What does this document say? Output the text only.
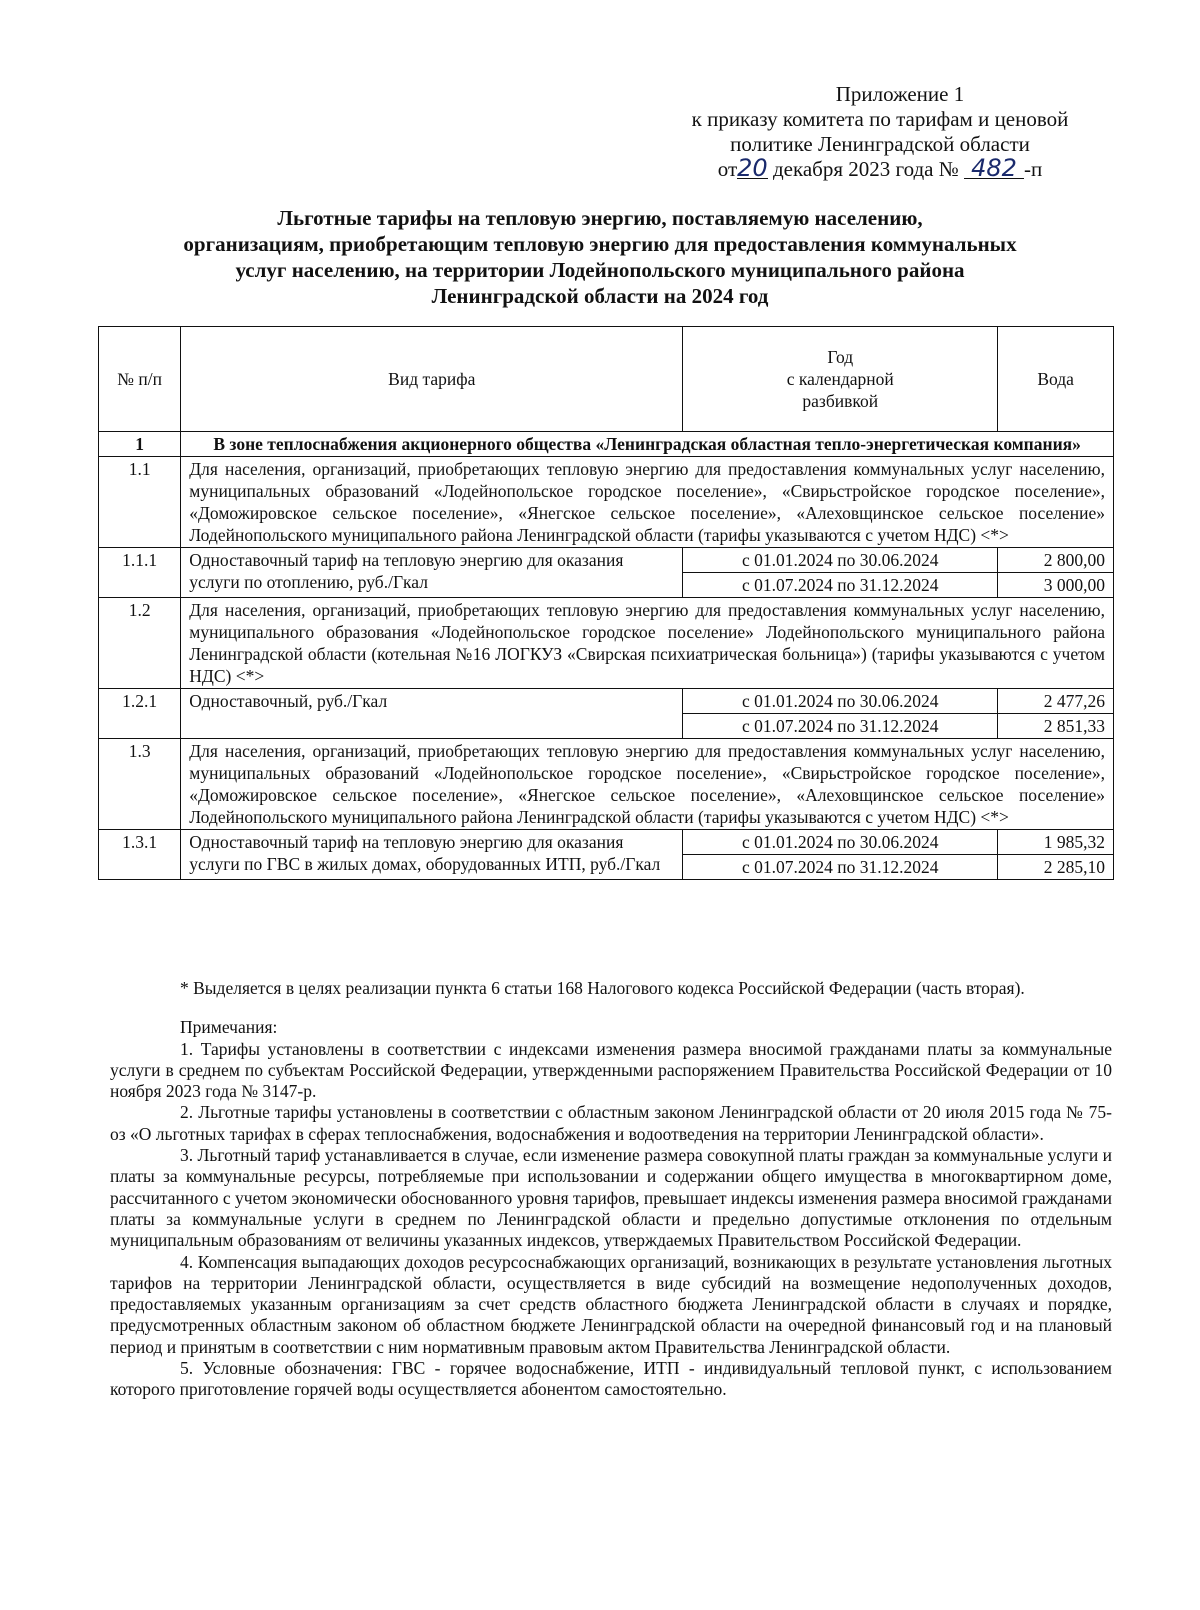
Приложение 1
к приказу комитета по тарифам и ценовой
политике Ленинградской области
от20 декабря 2023 года № 482 -п
Льготные тарифы на тепловую энергию, поставляемую населению,
организациям, приобретающим тепловую энергию для предоставления коммунальных
услуг населению, на территории Лодейнопольского муниципального района
Ленинградской области на 2024 год
№ п/п	Вид тарифа	Год
с календарной
разбивкой	Вода
1	В зоне теплоснабжения акционерного общества «Ленинградская областная тепло-энергетическая компания»		
1.1	Для населения, организаций, приобретающих тепловую энергию для предоставления коммунальных услуг населению, муниципальных образований «Лодейнопольское городское поселение», «Свирьстройское городское поселение», «Доможировское сельское поселение», «Янегское сельское поселение», «Алеховщинское сельское поселение» Лодейнопольского муниципального района Ленинградской области (тарифы указываются с учетом НДС) <*>		
1.1.1	Одноставочный тариф на тепловую энергию для оказания услуги по отоплению, руб./Гкал	с 01.01.2024 по 30.06.2024	2 800,00
		с 01.07.2024 по 31.12.2024	3 000,00
1.2	Для населения, организаций, приобретающих тепловую энергию для предоставления коммунальных услуг населению, муниципального образования «Лодейнопольское городское поселение» Лодейнопольского муниципального района Ленинградской области (котельная №16 ЛОГКУЗ «Свирская психиатрическая больница») (тарифы указываются с учетом НДС) <*>		
1.2.1	Одноставочный, руб./Гкал	с 01.01.2024 по 30.06.2024	2 477,26
		с 01.07.2024 по 31.12.2024	2 851,33
1.3	Для населения, организаций, приобретающих тепловую энергию для предоставления коммунальных услуг населению, муниципальных образований «Лодейнопольское городское поселение», «Свирьстройское городское поселение», «Доможировское сельское поселение», «Янегское сельское поселение», «Алеховщинское сельское поселение» Лодейнопольского муниципального района Ленинградской области (тарифы указываются с учетом НДС) <*>		
1.3.1	Одноставочный тариф на тепловую энергию для оказания услуги по ГВС в жилых домах, оборудованных ИТП, руб./Гкал	с 01.01.2024 по 30.06.2024	1 985,32
		с 01.07.2024 по 31.12.2024	2 285,10

* Выделяется в целях реализации пункта 6 статьи 168 Налогового кодекса Российской Федерации (часть вторая).

Примечания:

1. Тарифы установлены в соответствии с индексами изменения размера вносимой гражданами платы за коммунальные услуги в среднем по субъектам Российской Федерации, утвержденными распоряжением Правительства Российской Федерации от 10 ноября 2023 года № 3147-р.

2. Льготные тарифы установлены в соответствии с областным законом Ленинградской области от 20 июля 2015 года № 75-оз «О льготных тарифах в сферах теплоснабжения, водоснабжения и водоотведения на территории Ленинградской области».

3. Льготный тариф устанавливается в случае, если изменение размера совокупной платы граждан за коммунальные услуги и платы за коммунальные ресурсы, потребляемые при использовании и содержании общего имущества в многоквартирном доме, рассчитанного с учетом экономически обоснованного уровня тарифов, превышает индексы изменения размера вносимой гражданами платы за коммунальные услуги в среднем по Ленинградской области и предельно допустимые отклонения по отдельным муниципальным образованиям от величины указанных индексов, утверждаемых Правительством Российской Федерации.

4. Компенсация выпадающих доходов ресурсоснабжающих организаций, возникающих в результате установления льготных тарифов на территории Ленинградской области, осуществляется в виде субсидий на возмещение недополученных доходов, предоставляемых указанным организациям за счет средств областного бюджета Ленинградской области в случаях и порядке, предусмотренных областным законом об областном бюджете Ленинградской области на очередной финансовый год и на плановый период и принятым в соответствии с ним нормативным правовым актом Правительства Ленинградской области.

5. Условные обозначения: ГВС - горячее водоснабжение, ИТП - индивидуальный тепловой пункт, с использованием которого приготовление горячей воды осуществляется абонентом самостоятельно.
